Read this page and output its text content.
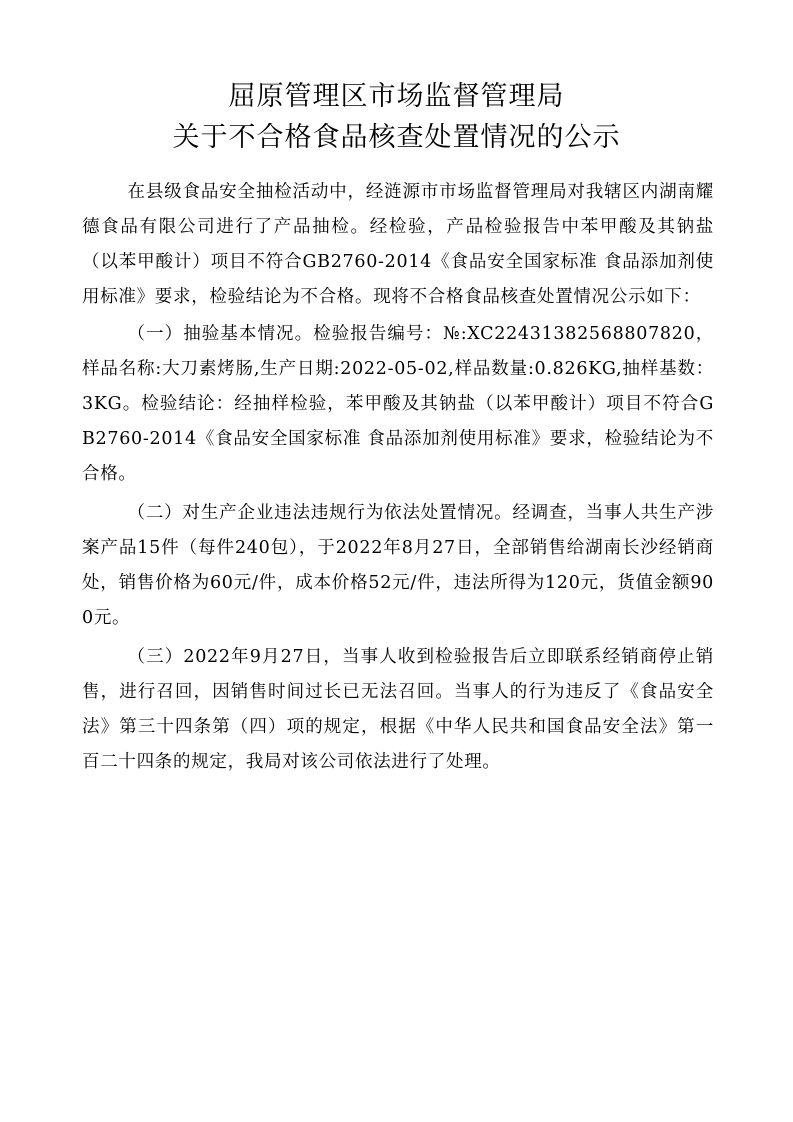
屈原管理区市场监督管理局

关于不合格食品核查处置情况的公示

在县级食品安全抽检活动中，经涟源市市场监督管理局对我辖区内湖南耀德食品有限公司进行了产品抽检。经检验，产品检验报告中苯甲酸及其钠盐（以苯甲酸计）项目不符合GB2760-2014《食品安全国家标准 食品添加剂使用标准》要求，检验结论为不合格。现将不合格食品核查处置情况公示如下：

（一）抽验基本情况。检验报告编号：№:XC22431382568807820，样品名称:大刀素烤肠,生产日期:2022-05-02,样品数量:0.826KG,抽样基数：3KG。检验结论：经抽样检验，苯甲酸及其钠盐（以苯甲酸计）项目不符合GB2760-2014《食品安全国家标准 食品添加剂使用标准》要求，检验结论为不合格。

（二）对生产企业违法违规行为依法处置情况。经调查，当事人共生产涉案产品15件（每件240包），于2022年8月27日，全部销售给湖南长沙经销商处，销售价格为60元/件，成本价格52元/件，违法所得为120元，货值金额900元。

（三）2022年9月27日，当事人收到检验报告后立即联系经销商停止销售，进行召回，因销售时间过长已无法召回。当事人的行为违反了《食品安全法》第三十四条第（四）项的规定，根据《中华人民共和国食品安全法》第一百二十四条的规定，我局对该公司依法进行了处理。
